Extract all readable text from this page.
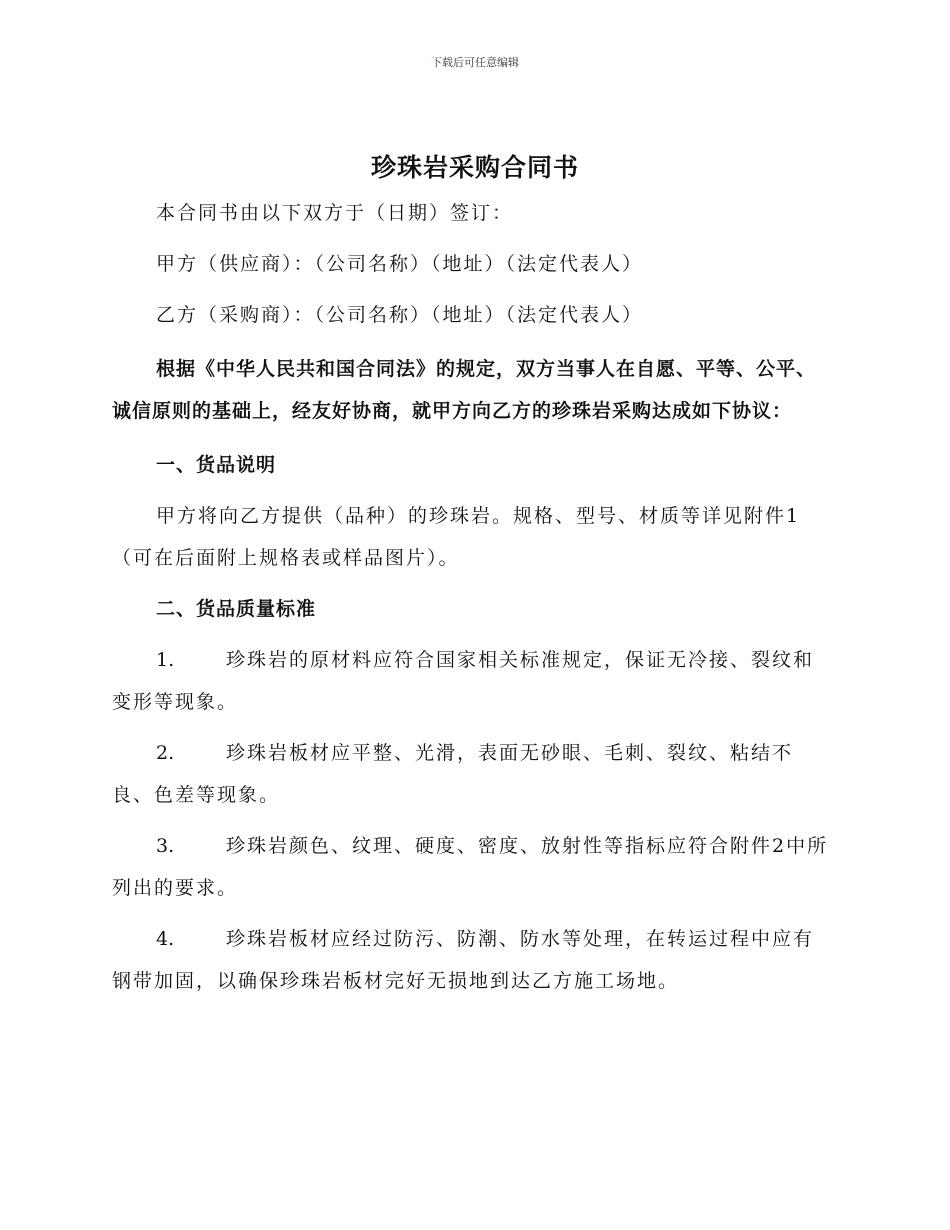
下载后可任意编辑
珍珠岩采购合同书

本合同书由以下双方于（日期）签订：

甲方（供应商）：（公司名称）（地址）（法定代表人）

乙方（采购商）：（公司名称）（地址）（法定代表人）

根据《中华人民共和国合同法》的规定，双方当事人在自愿、平等、公平、诚信原则的基础上，经友好协商，就甲方向乙方的珍珠岩采购达成如下协议：

一、货品说明

甲方将向乙方提供（品种）的珍珠岩。规格、型号、材质等详见附件1（可在后面附上规格表或样品图片）。

二、货品质量标准

1.	珍珠岩的原材料应符合国家相关标准规定，保证无冷接、裂纹和变形等现象。

2.	珍珠岩板材应平整、光滑，表面无砂眼、毛刺、裂纹、粘结不良、色差等现象。

3.	珍珠岩颜色、纹理、硬度、密度、放射性等指标应符合附件2中所列出的要求。

4.	珍珠岩板材应经过防污、防潮、防水等处理，在转运过程中应有钢带加固，以确保珍珠岩板材完好无损地到达乙方施工场地。
